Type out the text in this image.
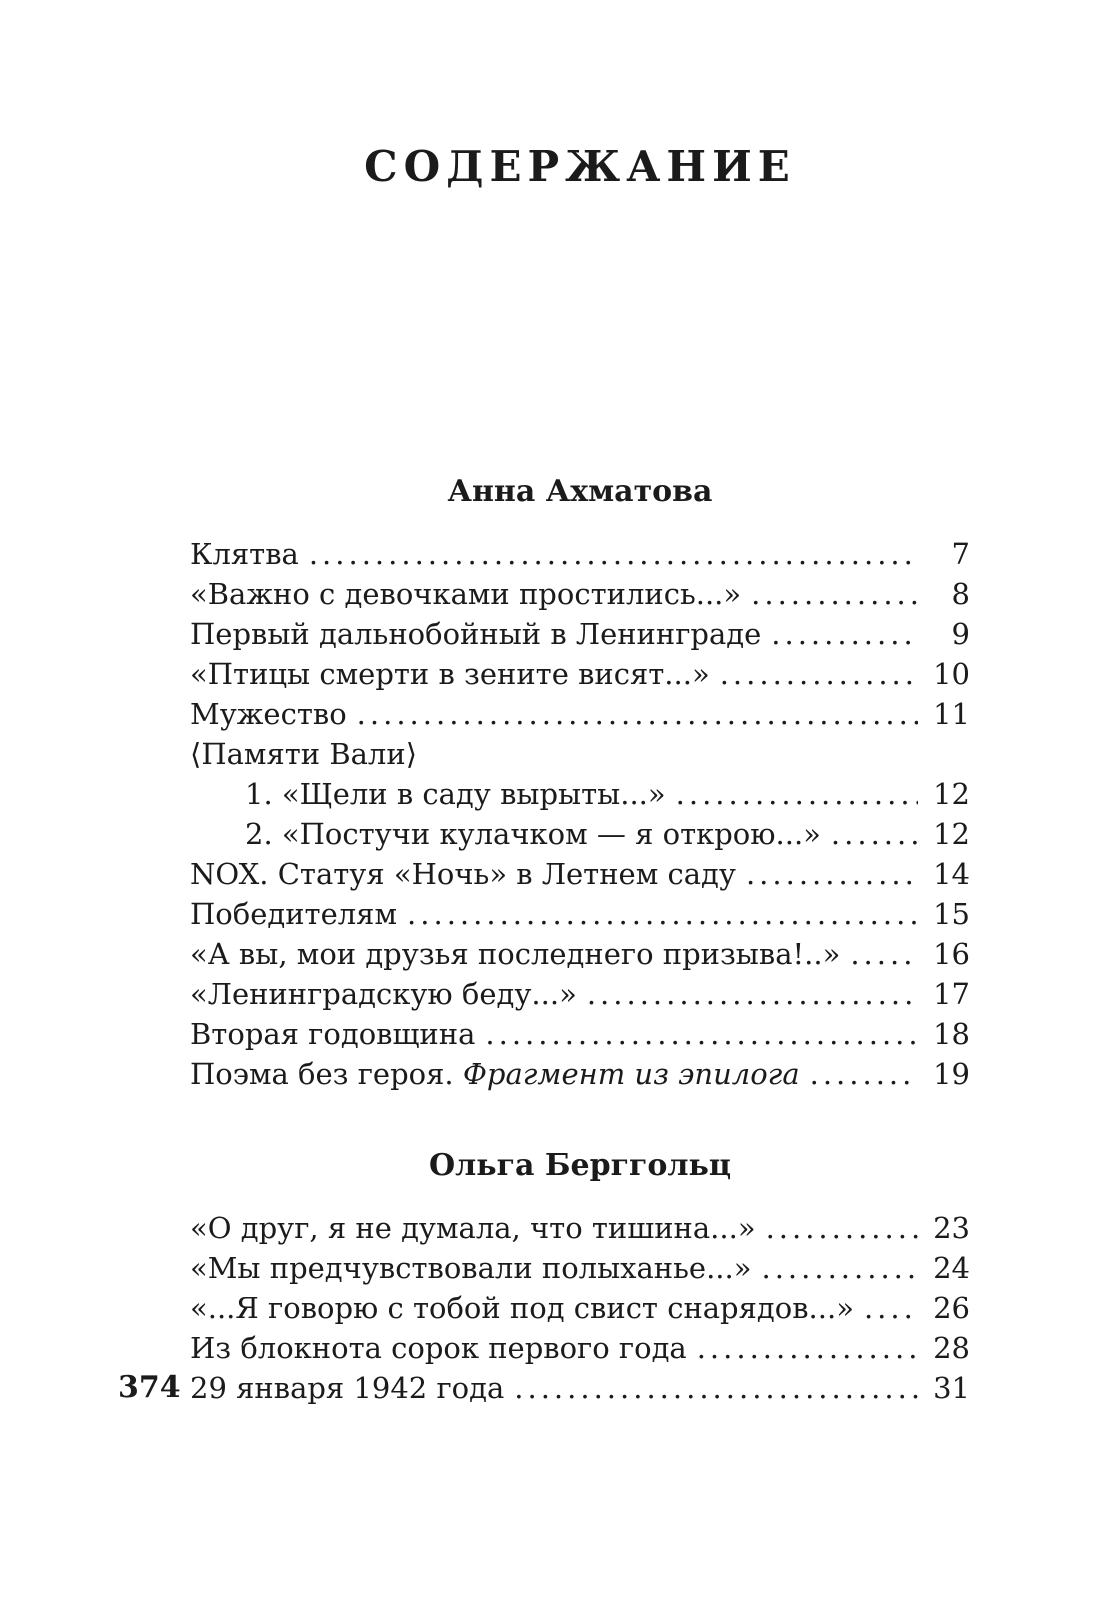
СОДЕРЖАНИЕ
Анна Ахматова
Клятва .....	7
«Важно с девочками простились...» .....	8
Первый дальнобойный в Ленинграде .....	9
«Птицы смерти в зените висят...» .....	10
Мужество .....	11
⟨Памяти Вали⟩
1. «Щели в саду вырыты...» .....	12
2. «Постучи кулачком — я открою...» .....	12
NOX. Статуя «Ночь» в Летнем саду .....	14
Победителям .....	15
«А вы, мои друзья последнего призыва!..» .....	16
«Ленинградскую беду...» .....	17
Вторая годовщина .....	18
Поэма без героя. Фрагмент из эпилога .....	19
Ольга Берггольц
«О друг, я не думала, что тишина...» .....	23
«Мы предчувствовали полыханье...» .....	24
«...Я говорю с тобой под свист снарядов...» .....	26
Из блокнота сорок первого года .....	28
29 января 1942 года .....	31
374
